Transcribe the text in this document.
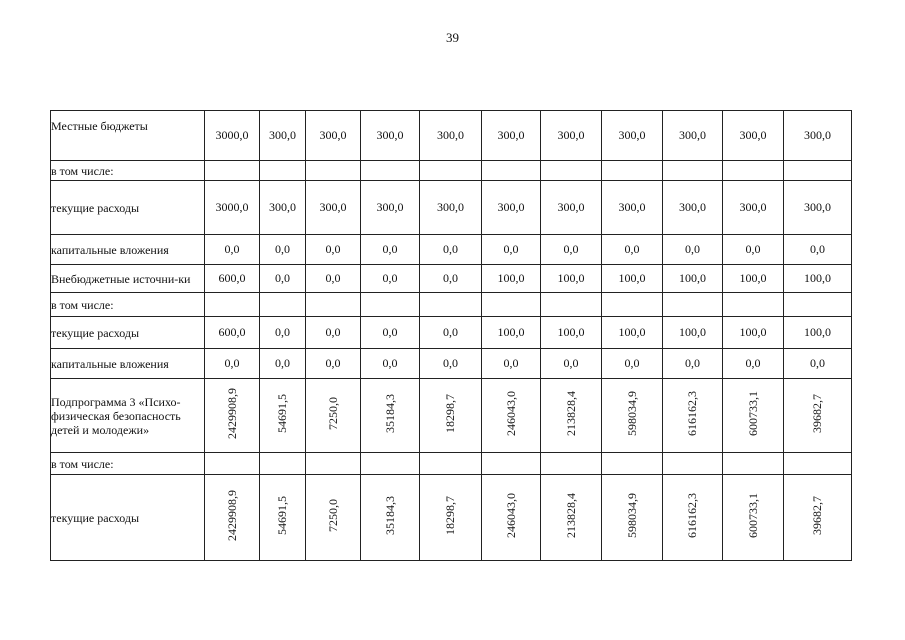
39
Местные бюджеты	3000,0	300,0	300,0	300,0	300,0	300,0	300,0	300,0	300,0	300,0	300,0
в том числе:											
текущие расходы	3000,0	300,0	300,0	300,0	300,0	300,0	300,0	300,0	300,0	300,0	300,0
капитальные вложения	0,0	0,0	0,0	0,0	0,0	0,0	0,0	0,0	0,0	0,0	0,0
Внебюджетные источни-ки	600,0	0,0	0,0	0,0	0,0	100,0	100,0	100,0	100,0	100,0	100,0
в том числе:											
текущие расходы	600,0	0,0	0,0	0,0	0,0	100,0	100,0	100,0	100,0	100,0	100,0
капитальные вложения	0,0	0,0	0,0	0,0	0,0	0,0	0,0	0,0	0,0	0,0	0,0
Подпрограмма 3 «Психо-физическая безопасность детей и молодежи»	2429908,9	54691,5	7250,0	35184,3	18298,7	246043,0	213828,4	598034,9	616162,3	600733,1	39682,7
в том числе:											
текущие расходы	2429908,9	54691,5	7250,0	35184,3	18298,7	246043,0	213828,4	598034,9	616162,3	600733,1	39682,7
